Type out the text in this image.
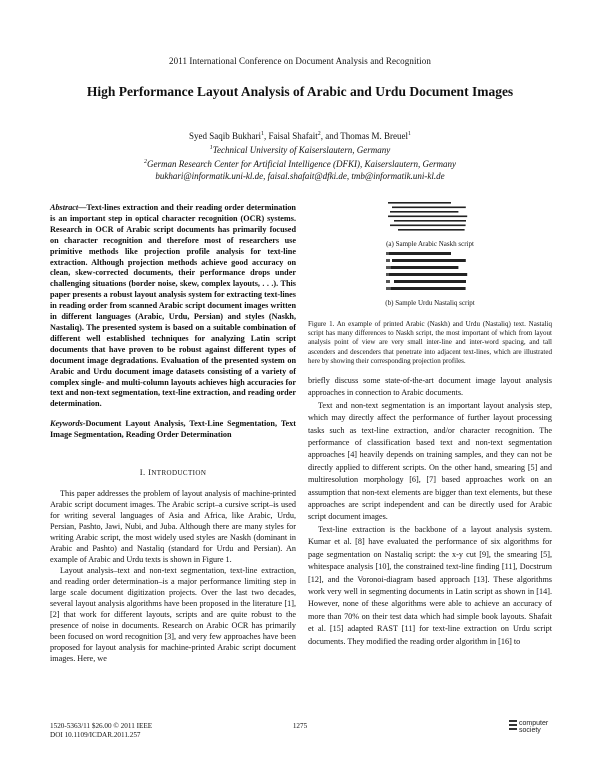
2011 International Conference on Document Analysis and Recognition
High Performance Layout Analysis of Arabic and Urdu Document Images
Syed Saqib Bukhari$^1$, Faisal Shafait$^2$, and Thomas M. Breuel$^1$
$^1$Technical University of Kaiserslautern, Germany
$^2$German Research Center for Artificial Intelligence (DFKI), Kaiserslautern, Germany
bukhari@informatik.uni-kl.de, faisal.shafait@dfki.de, tmb@informatik.uni-kl.de
Abstract—Text-lines extraction and their reading order determination is an important step in optical character recognition (OCR) systems. Research in OCR of Arabic script documents has primarily focused on character recognition and therefore most of researchers use primitive methods like projection profile analysis for text-line extraction. Although projection methods achieve good accuracy on clean, skew-corrected documents, their performance drops under challenging situations (border noise, skew, complex layouts, . . .). This paper presents a robust layout analysis system for extracting text-lines in reading order from scanned Arabic script document images written in different languages (Arabic, Urdu, Persian) and styles (Naskh, Nastaliq). The presented system is based on a suitable combination of different well established techniques for analyzing Latin script documents that have proven to be robust against different types of document image degradations. Evaluation of the presented system on Arabic and Urdu document image datasets consisting of a variety of complex single- and multi-column layouts achieves high accuracies for text and non-text segmentation, text-line extraction, and reading order determination.
Keywords-Document Layout Analysis, Text-Line Segmentation, Text Image Segmentation, Reading Order Determination
I. INTRODUCTION

This paper addresses the problem of layout analysis of machine-printed Arabic script document images. The Arabic script–a cursive script–is used for writing several languages of Asia and Africa, like Arabic, Urdu, Persian, Pashto, Jawi, Nubi, and Juba. Although there are many styles for writing Arabic script, the most widely used styles are Naskh (dominant in Arabic and Pashto) and Nastaliq (standard for Urdu and Persian). An example of Arabic and Urdu texts is shown in Figure 1.

Layout analysis–text and non-text segmentation, text-line extraction, and reading order determination–is a major performance limiting step in large scale document digitization projects. Over the last two decades, several layout analysis algorithms have been proposed in the literature [1], [2] that work for different layouts, scripts and are quite robust to the presence of noise in documents. Research on Arabic OCR has primarily been focused on word recognition [3], and very few approaches have been proposed for layout analysis for machine-printed Arabic script document images. Here, we

(a) Sample Arabic Naskh script
(b) Sample Urdu Nastaliq script
Figure 1. An example of printed Arabic (Naskh) and Urdu (Nastaliq) text. Nastaliq script has many differences to Naskh script, the most important of which from layout analysis point of view are very small inter-line and inter-word spacing, and tall ascenders and descenders that penetrate into adjacent text-lines, which are illustrated here by showing their corresponding projection profiles.

briefly discuss some state-of-the-art document image layout analysis approaches in connection to Arabic documents.

Text and non-text segmentation is an important layout analysis step, which may directly affect the performance of further layout processing tasks such as text-line extraction, and/or character recognition. The performance of classification based text and non-text segmentation approaches [4] heavily depends on training samples, and they can not be directly applied to different scripts. On the other hand, smearing [5] and multiresolution morphology [6], [7] based approaches work on an assumption that non-text elements are bigger than text elements, but these approaches are script independent and can be directly used for Arabic script document images.

Text-line extraction is the backbone of a layout analysis system. Kumar et al. [8] have evaluated the performance of six algorithms for page segmentation on Nastaliq script: the x-y cut [9], the smearing [5], whitespace analysis [10], the constrained text-line finding [11], Docstrum [12], and the Voronoi-diagram based approach [13]. These algorithms work very well in segmenting documents in Latin script as shown in [14]. However, none of these algorithms were able to achieve an accuracy of more than 70% on their test data which had simple book layouts. Shafait et al. [15] adapted RAST [11] for text-line extraction on Urdu script documents. They modified the reading order algorithm in [16] to

1520-5363/11 $26.00 © 2011 IEEE
DOI 10.1109/ICDAR.2011.257
1275	computer
society
